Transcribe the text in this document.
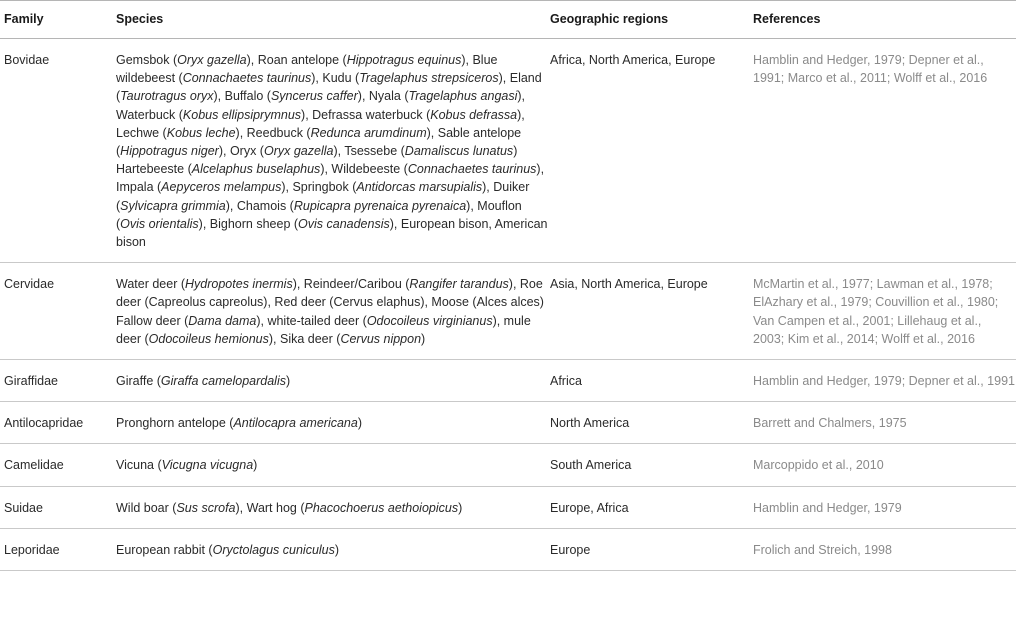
Family	Species	Geographic regions	References
Bovidae	Gemsbok (Oryx gazella), Roan antelope (Hippotragus equinus), Blue wildebeest (Connachaetes taurinus), Kudu (Tragelaphus strepsiceros), Eland (Taurotragus oryx), Buffalo (Syncerus caffer), Nyala (Tragelaphus angasi), Waterbuck (Kobus ellipsiprymnus), Defrassa waterbuck (Kobus defrassa), Lechwe (Kobus leche), Reedbuck (Redunca arumdinum), Sable antelope (Hippotragus niger), Oryx (Oryx gazella), Tsessebe (Damaliscus lunatus) Hartebeeste (Alcelaphus buselaphus), Wildebeeste (Connachaetes taurinus), Impala (Aepyceros melampus), Springbok (Antidorcas marsupialis), Duiker (Sylvicapra grimmia), Chamois (Rupicapra pyrenaica pyrenaica), Mouflon (Ovis orientalis), Bighorn sheep (Ovis canadensis), European bison, American bison	Africa, North America, Europe	Hamblin and Hedger, 1979; Depner et al., 1991; Marco et al., 2011; Wolff et al., 2016
Cervidae	Water deer (Hydropotes inermis), Reindeer/Caribou (Rangifer tarandus), Roe deer (Capreolus capreolus), Red deer (Cervus elaphus), Moose (Alces alces) Fallow deer (Dama dama), white-tailed deer (Odocoileus virginianus), mule deer (Odocoileus hemionus), Sika deer (Cervus nippon)	Asia, North America, Europe	McMartin et al., 1977; Lawman et al., 1978; ElAzhary et al., 1979; Couvillion et al., 1980; Van Campen et al., 2001; Lillehaug et al., 2003; Kim et al., 2014; Wolff et al., 2016
Giraffidae	Giraffe (Giraffa camelopardalis)	Africa	Hamblin and Hedger, 1979; Depner et al., 1991
Antilocapridae	Pronghorn antelope (Antilocapra americana)	North America	Barrett and Chalmers, 1975
Camelidae	Vicuna (Vicugna vicugna)	South America	Marcoppido et al., 2010
Suidae	Wild boar (Sus scrofa), Wart hog (Phacochoerus aethoiopicus)	Europe, Africa	Hamblin and Hedger, 1979
Leporidae	European rabbit (Oryctolagus cuniculus)	Europe	Frolich and Streich, 1998
